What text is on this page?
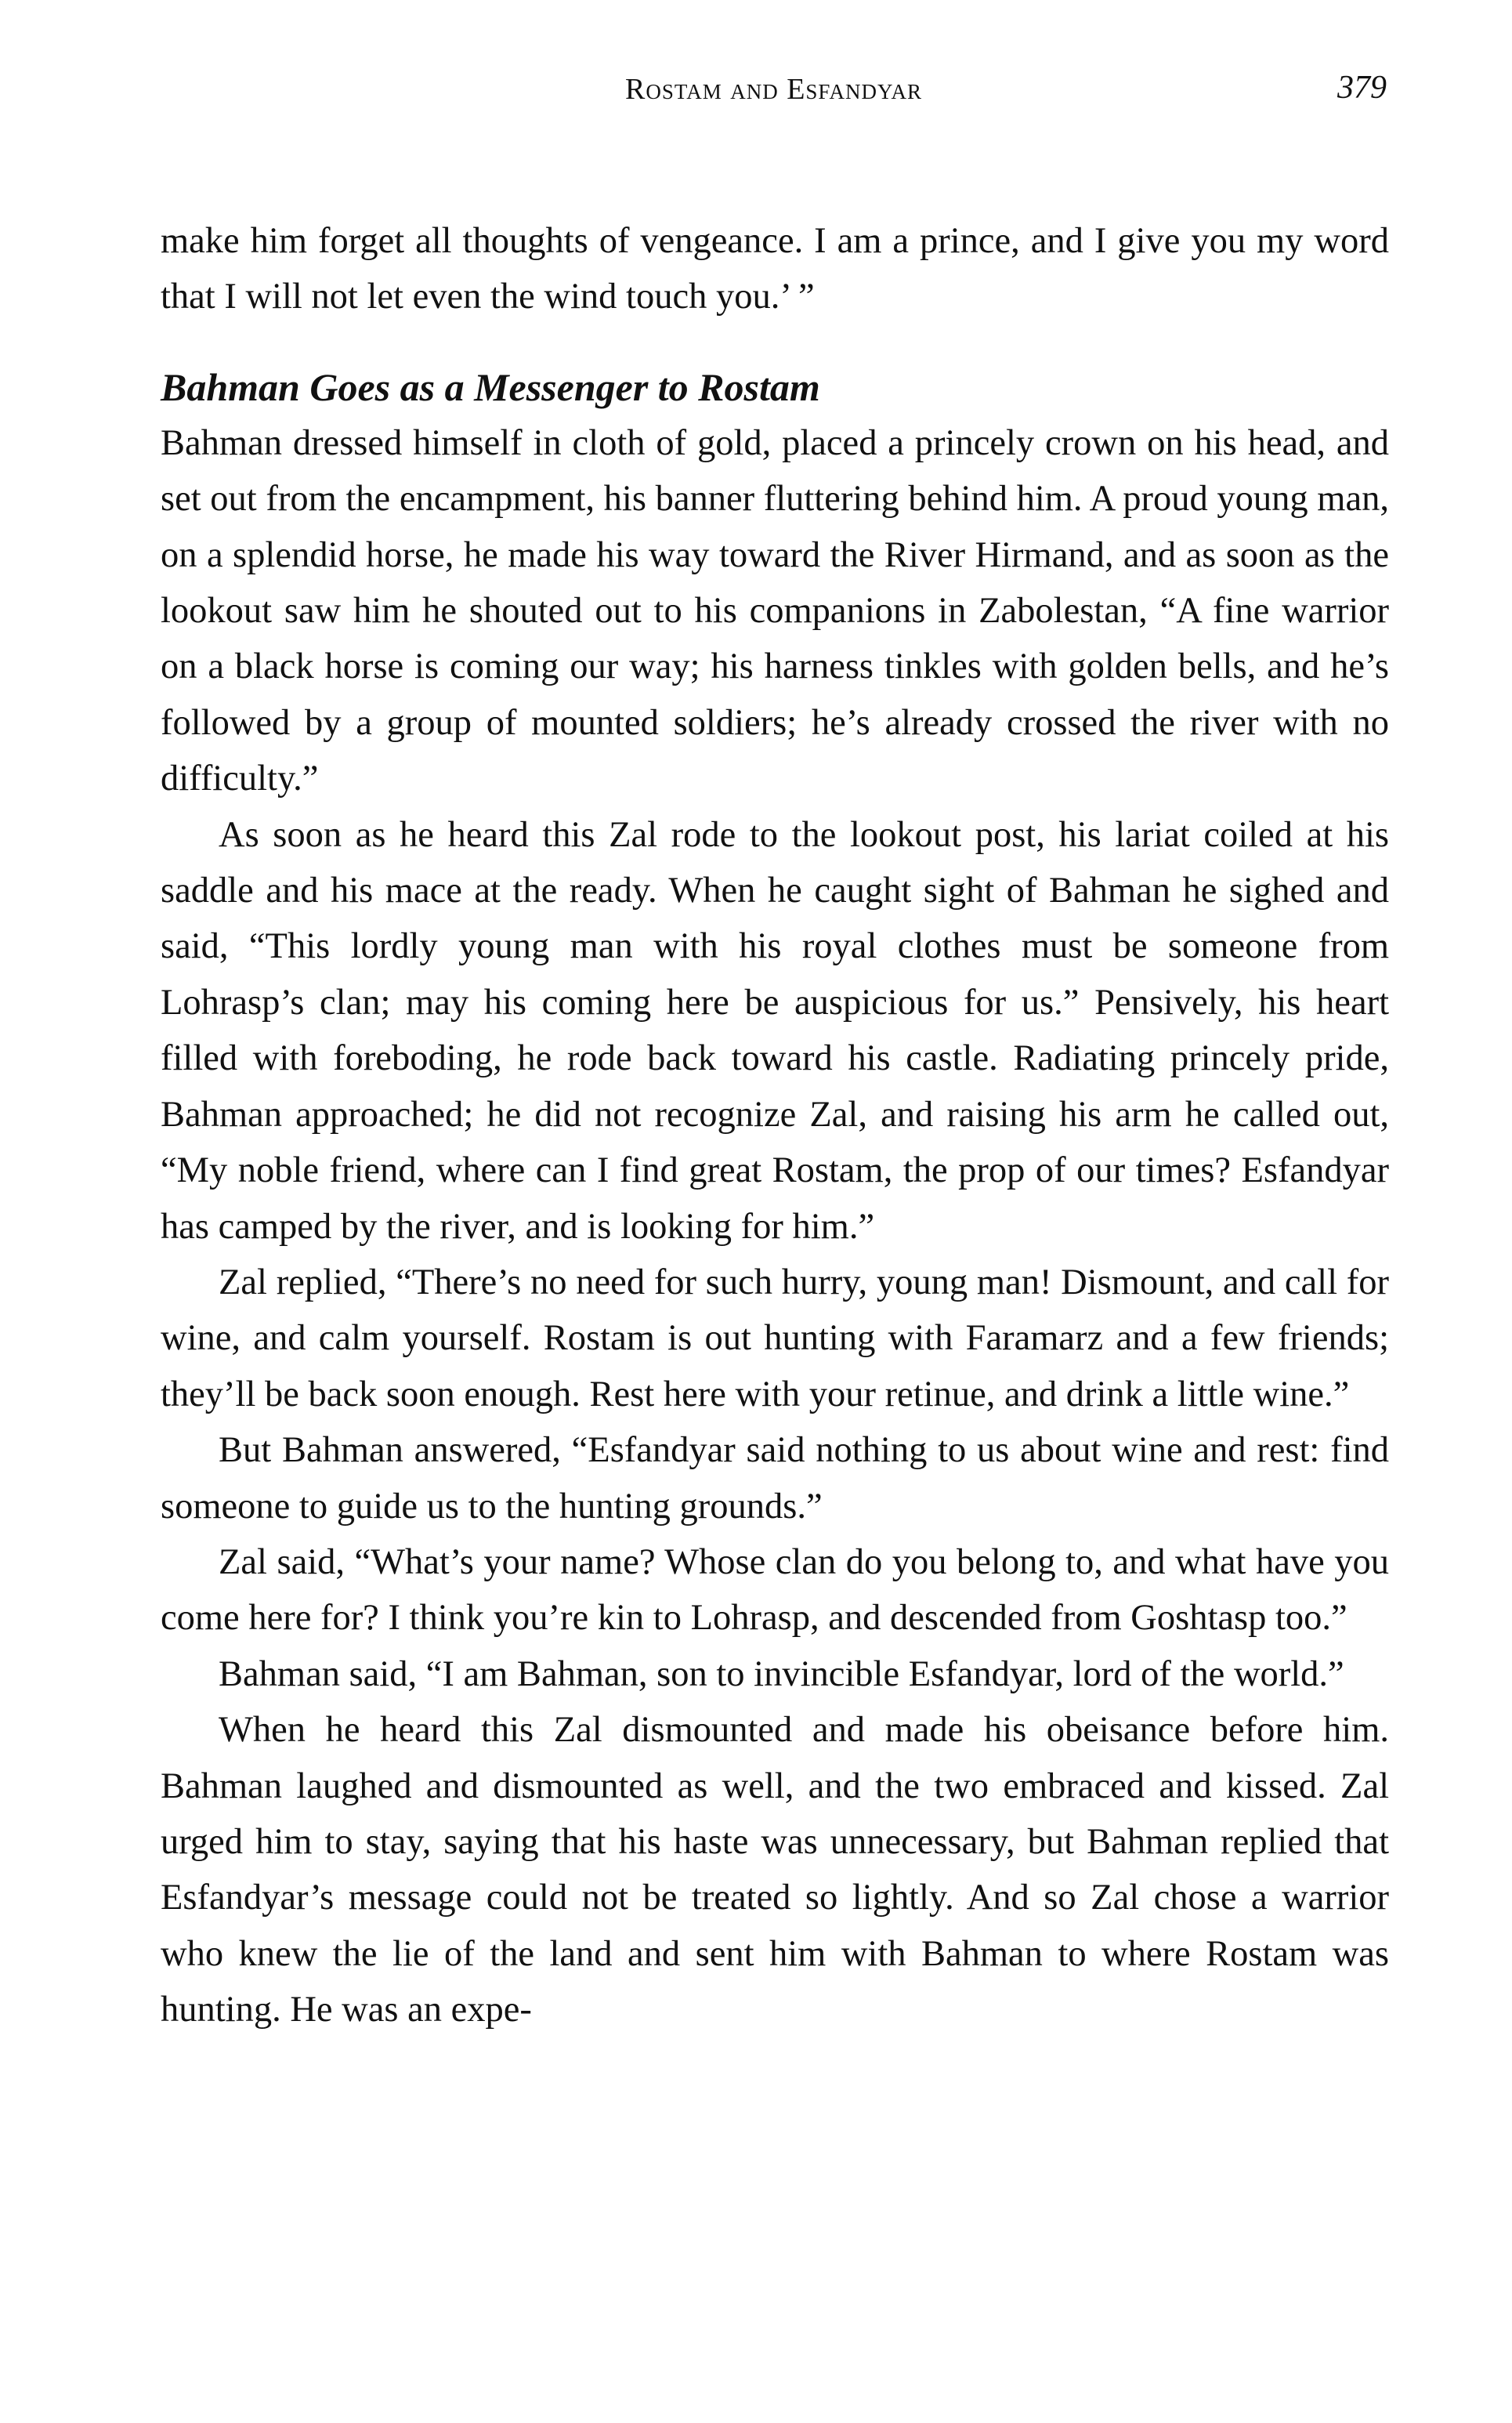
Rostam and Esfandyar	379

make him forget all thoughts of vengeance. I am a prince, and I give you my word that I will not let even the wind touch you.’ ”

Bahman Goes as a Messenger to Rostam

Bahman dressed himself in cloth of gold, placed a princely crown on his head, and set out from the encampment, his banner fluttering behind him. A proud young man, on a splendid horse, he made his way toward the River Hirmand, and as soon as the lookout saw him he shouted out to his companions in Zabolestan, “A fine warrior on a black horse is coming our way; his harness tinkles with golden bells, and he’s followed by a group of mounted soldiers; he’s already crossed the river with no difficulty.”

As soon as he heard this Zal rode to the lookout post, his lariat coiled at his saddle and his mace at the ready. When he caught sight of Bahman he sighed and said, “This lordly young man with his royal clothes must be someone from Lohrasp’s clan; may his coming here be auspicious for us.” Pensively, his heart filled with foreboding, he rode back toward his castle. Radiating princely pride, Bahman approached; he did not recognize Zal, and raising his arm he called out, “My noble friend, where can I find great Rostam, the prop of our times? Esfandyar has camped by the river, and is looking for him.”

Zal replied, “There’s no need for such hurry, young man! Dismount, and call for wine, and calm yourself. Rostam is out hunting with Faramarz and a few friends; they’ll be back soon enough. Rest here with your retinue, and drink a little wine.”

But Bahman answered, “Esfandyar said nothing to us about wine and rest: find someone to guide us to the hunting grounds.”

Zal said, “What’s your name? Whose clan do you belong to, and what have you come here for? I think you’re kin to Lohrasp, and descended from Goshtasp too.”

Bahman said, “I am Bahman, son to invincible Esfandyar, lord of the world.”

When he heard this Zal dismounted and made his obeisance before him. Bahman laughed and dismounted as well, and the two embraced and kissed. Zal urged him to stay, saying that his haste was unnecessary, but Bahman replied that Esfandyar’s message could not be treated so lightly. And so Zal chose a warrior who knew the lie of the land and sent him with Bahman to where Rostam was hunting. He was an expe-
